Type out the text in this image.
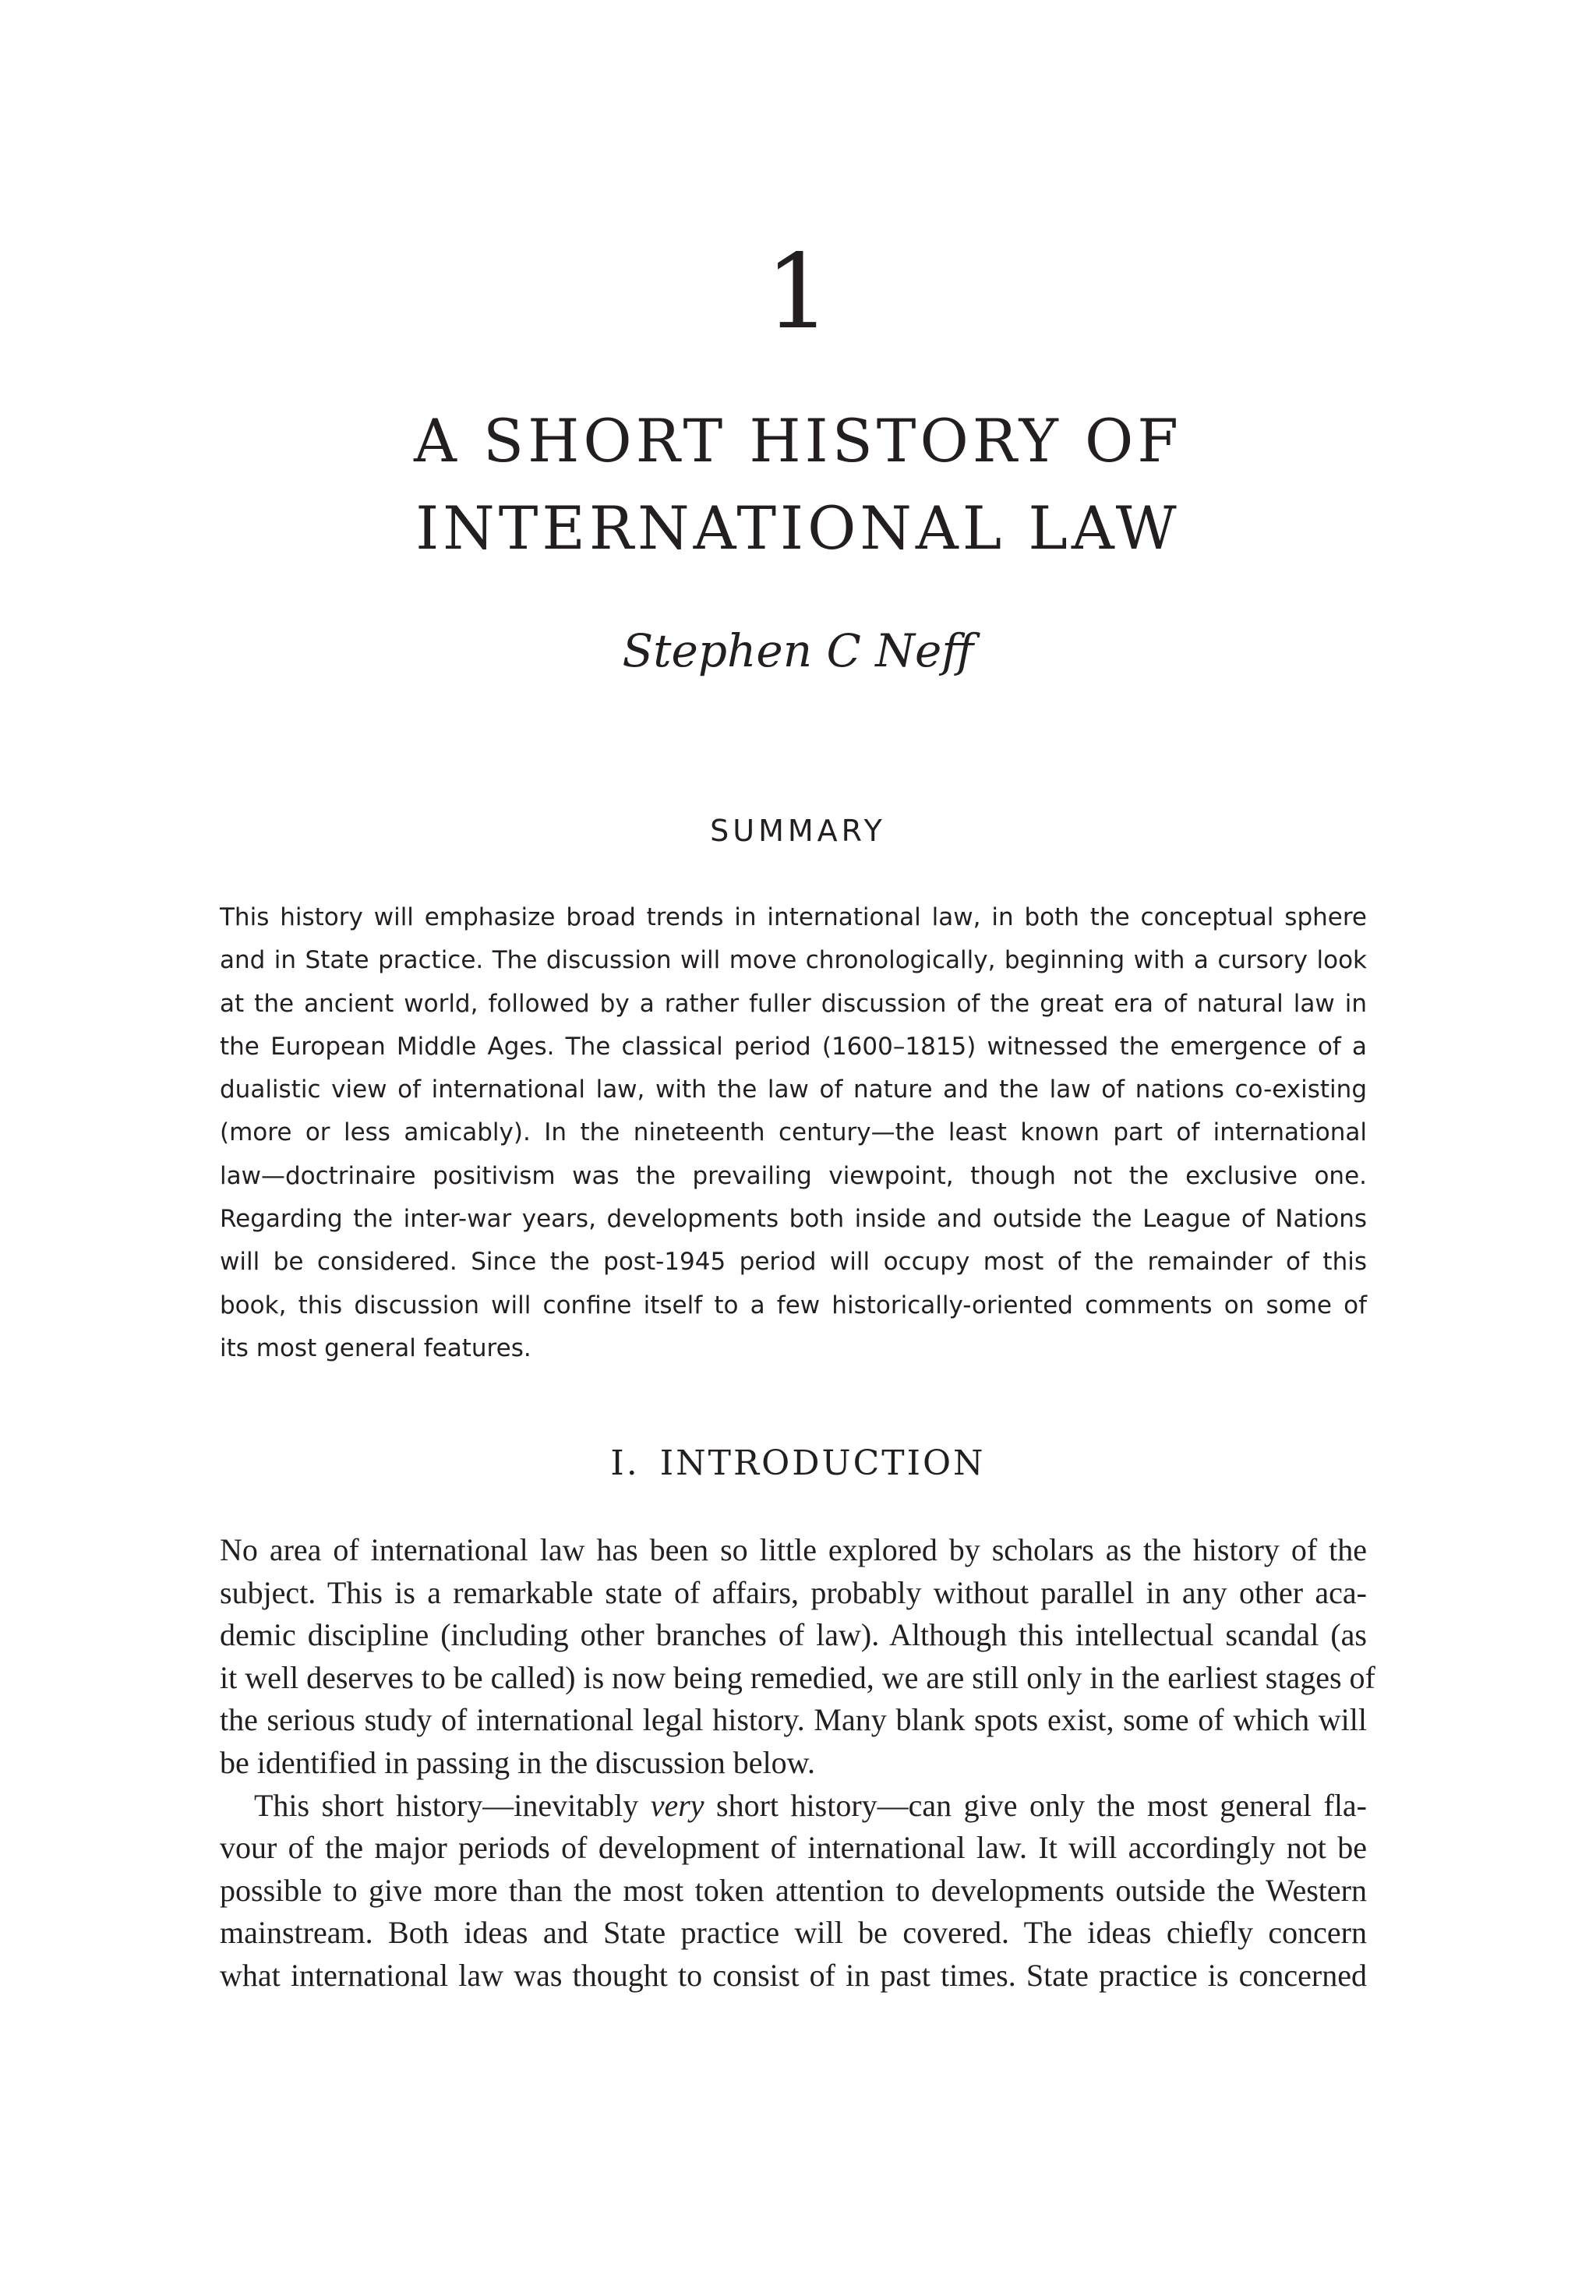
1
A SHORT HISTORY OF
INTERNATIONAL LAW
Stephen C Neff
SUMMARY
This history will emphasize broad trends in international law, in both the conceptual sphere
and in State practice. The discussion will move chronologically, beginning with a cursory look
at the ancient world, followed by a rather fuller discussion of the great era of natural law in
the European Middle Ages. The classical period (1600–1815) witnessed the emergence of a
dualistic view of international law, with the law of nature and the law of nations co-existing
(more or less amicably). In the nineteenth century—the least known part of international
law—doctrinaire positivism was the prevailing viewpoint, though not the exclusive one.
Regarding the inter-war years, developments both inside and outside the League of Nations
will be considered. Since the post-1945 period will occupy most of the remainder of this
book, this discussion will confine itself to a few historically-oriented comments on some of
its most general features.
I. INTRODUCTION
No area of international law has been so little explored by scholars as the history of the
subject. This is a remarkable state of affairs, probably without parallel in any other aca-
demic discipline (including other branches of law). Although this intellectual scandal (as
it well deserves to be called) is now being remedied, we are still only in the earliest stages of
the serious study of international legal history. Many blank spots exist, some of which will
be identified in passing in the discussion below.
This short history—inevitably very short history—can give only the most general fla-
vour of the major periods of development of international law. It will accordingly not be
possible to give more than the most token attention to developments outside the Western
mainstream. Both ideas and State practice will be covered. The ideas chiefly concern
what international law was thought to consist of in past times. State practice is concerned
